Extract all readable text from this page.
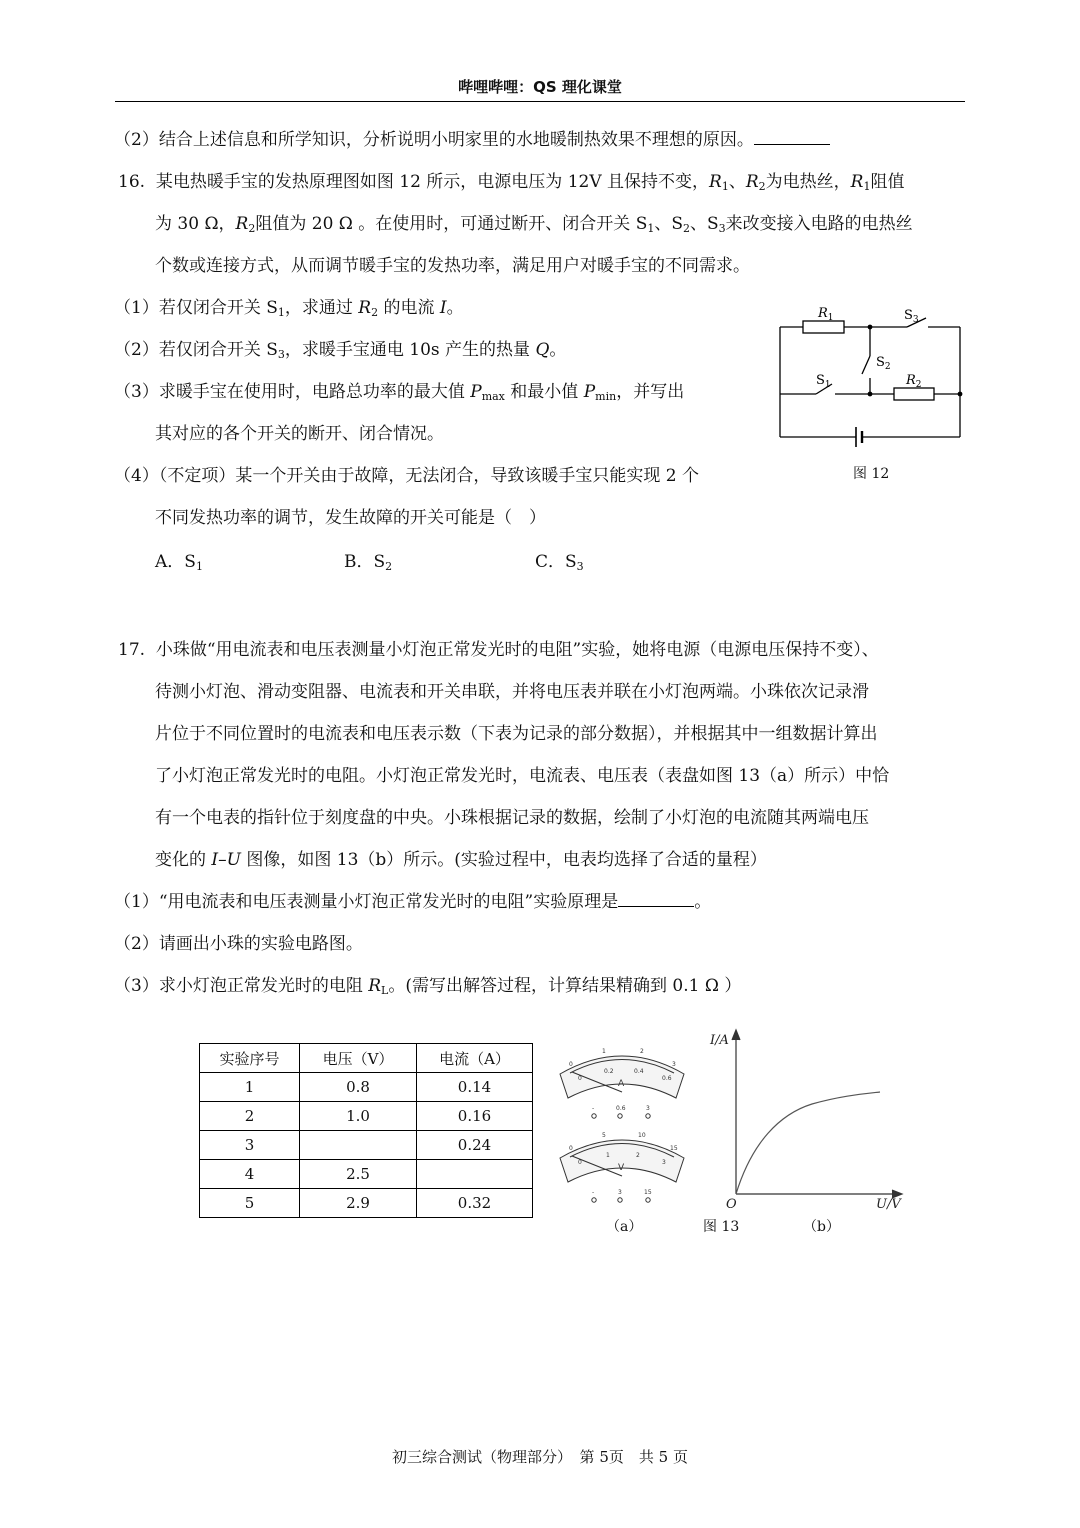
哔哩哔哩：QS 理化课堂
（2）结合上述信息和所学知识，分析说明小明家里的水地暖制热效果不理想的原因。
16. 某电热暖手宝的发热原理图如图 12 所示，电源电压为 12V 且保持不变，$R_1$、$R_2$为电热丝，$R_1$阻值
为 30 Ω，$R_2$阻值为 20 Ω 。在使用时，可通过断开、闭合开关 $S_1$、$S_2$、$S_3$来改变接入电路的电热丝
个数或连接方式，从而调节暖手宝的发热功率，满足用户对暖手宝的不同需求。
（1）若仅闭合开关 $S_1$，求通过 $R_2$ 的电流 I。
（2）若仅闭合开关 $S_3$，求暖手宝通电 10s 产生的热量 Q。
（3）求暖手宝在使用时，电路总功率的最大值 $P_{max}$ 和最小值 $P_{min}$，并写出
其对应的各个开关的断开、闭合情况。
（4）（不定项）某一个开关由于故障，无法闭合，导致该暖手宝只能实现 2 个
不同发热功率的调节，发生故障的开关可能是（　）
A．$S_1$	B．$S_2$	C．$S_3$
$R_1$	$S_3$
$S_2$
$S_1$	$R_2$
图 12
17. 小珠做“用电流表和电压表测量小灯泡正常发光时的电阻”实验，她将电源（电源电压保持不变）、
待测小灯泡、滑动变阻器、电流表和开关串联，并将电压表并联在小灯泡两端。小珠依次记录滑
片位于不同位置时的电流表和电压表示数（下表为记录的部分数据），并根据其中一组数据计算出
了小灯泡正常发光时的电阻。小灯泡正常发光时，电流表、电压表（表盘如图 13（a）所示）中恰
有一个电表的指针位于刻度盘的中央。小珠根据记录的数据，绘制了小灯泡的电流随其两端电压
变化的 I–U 图像，如图 13（b）所示。(实验过程中，电表均选择了合适的量程）
（1）“用电流表和电压表测量小灯泡正常发光时的电阻”实验原理是	。
（2）请画出小珠的实验电路图。
（3）求小灯泡正常发光时的电阻 $R_L$。(需写出解答过程，计算结果精确到 0.1 Ω ）
实验序号	电压（V）	电流（A）
1	0.8	0.14
2	1.0	0.16
3		0.24
4	2.5	
5	2.9	0.32
0
1	2
3
0
0.2	0.4
0.6
A
-	0.6	3
0
5	10
15
0
1	2
3
V
-	3	15
I/A
O	U/V
（a）	图 13	（b）
初三综合测试（物理部分）　第 5页　共 5 页
